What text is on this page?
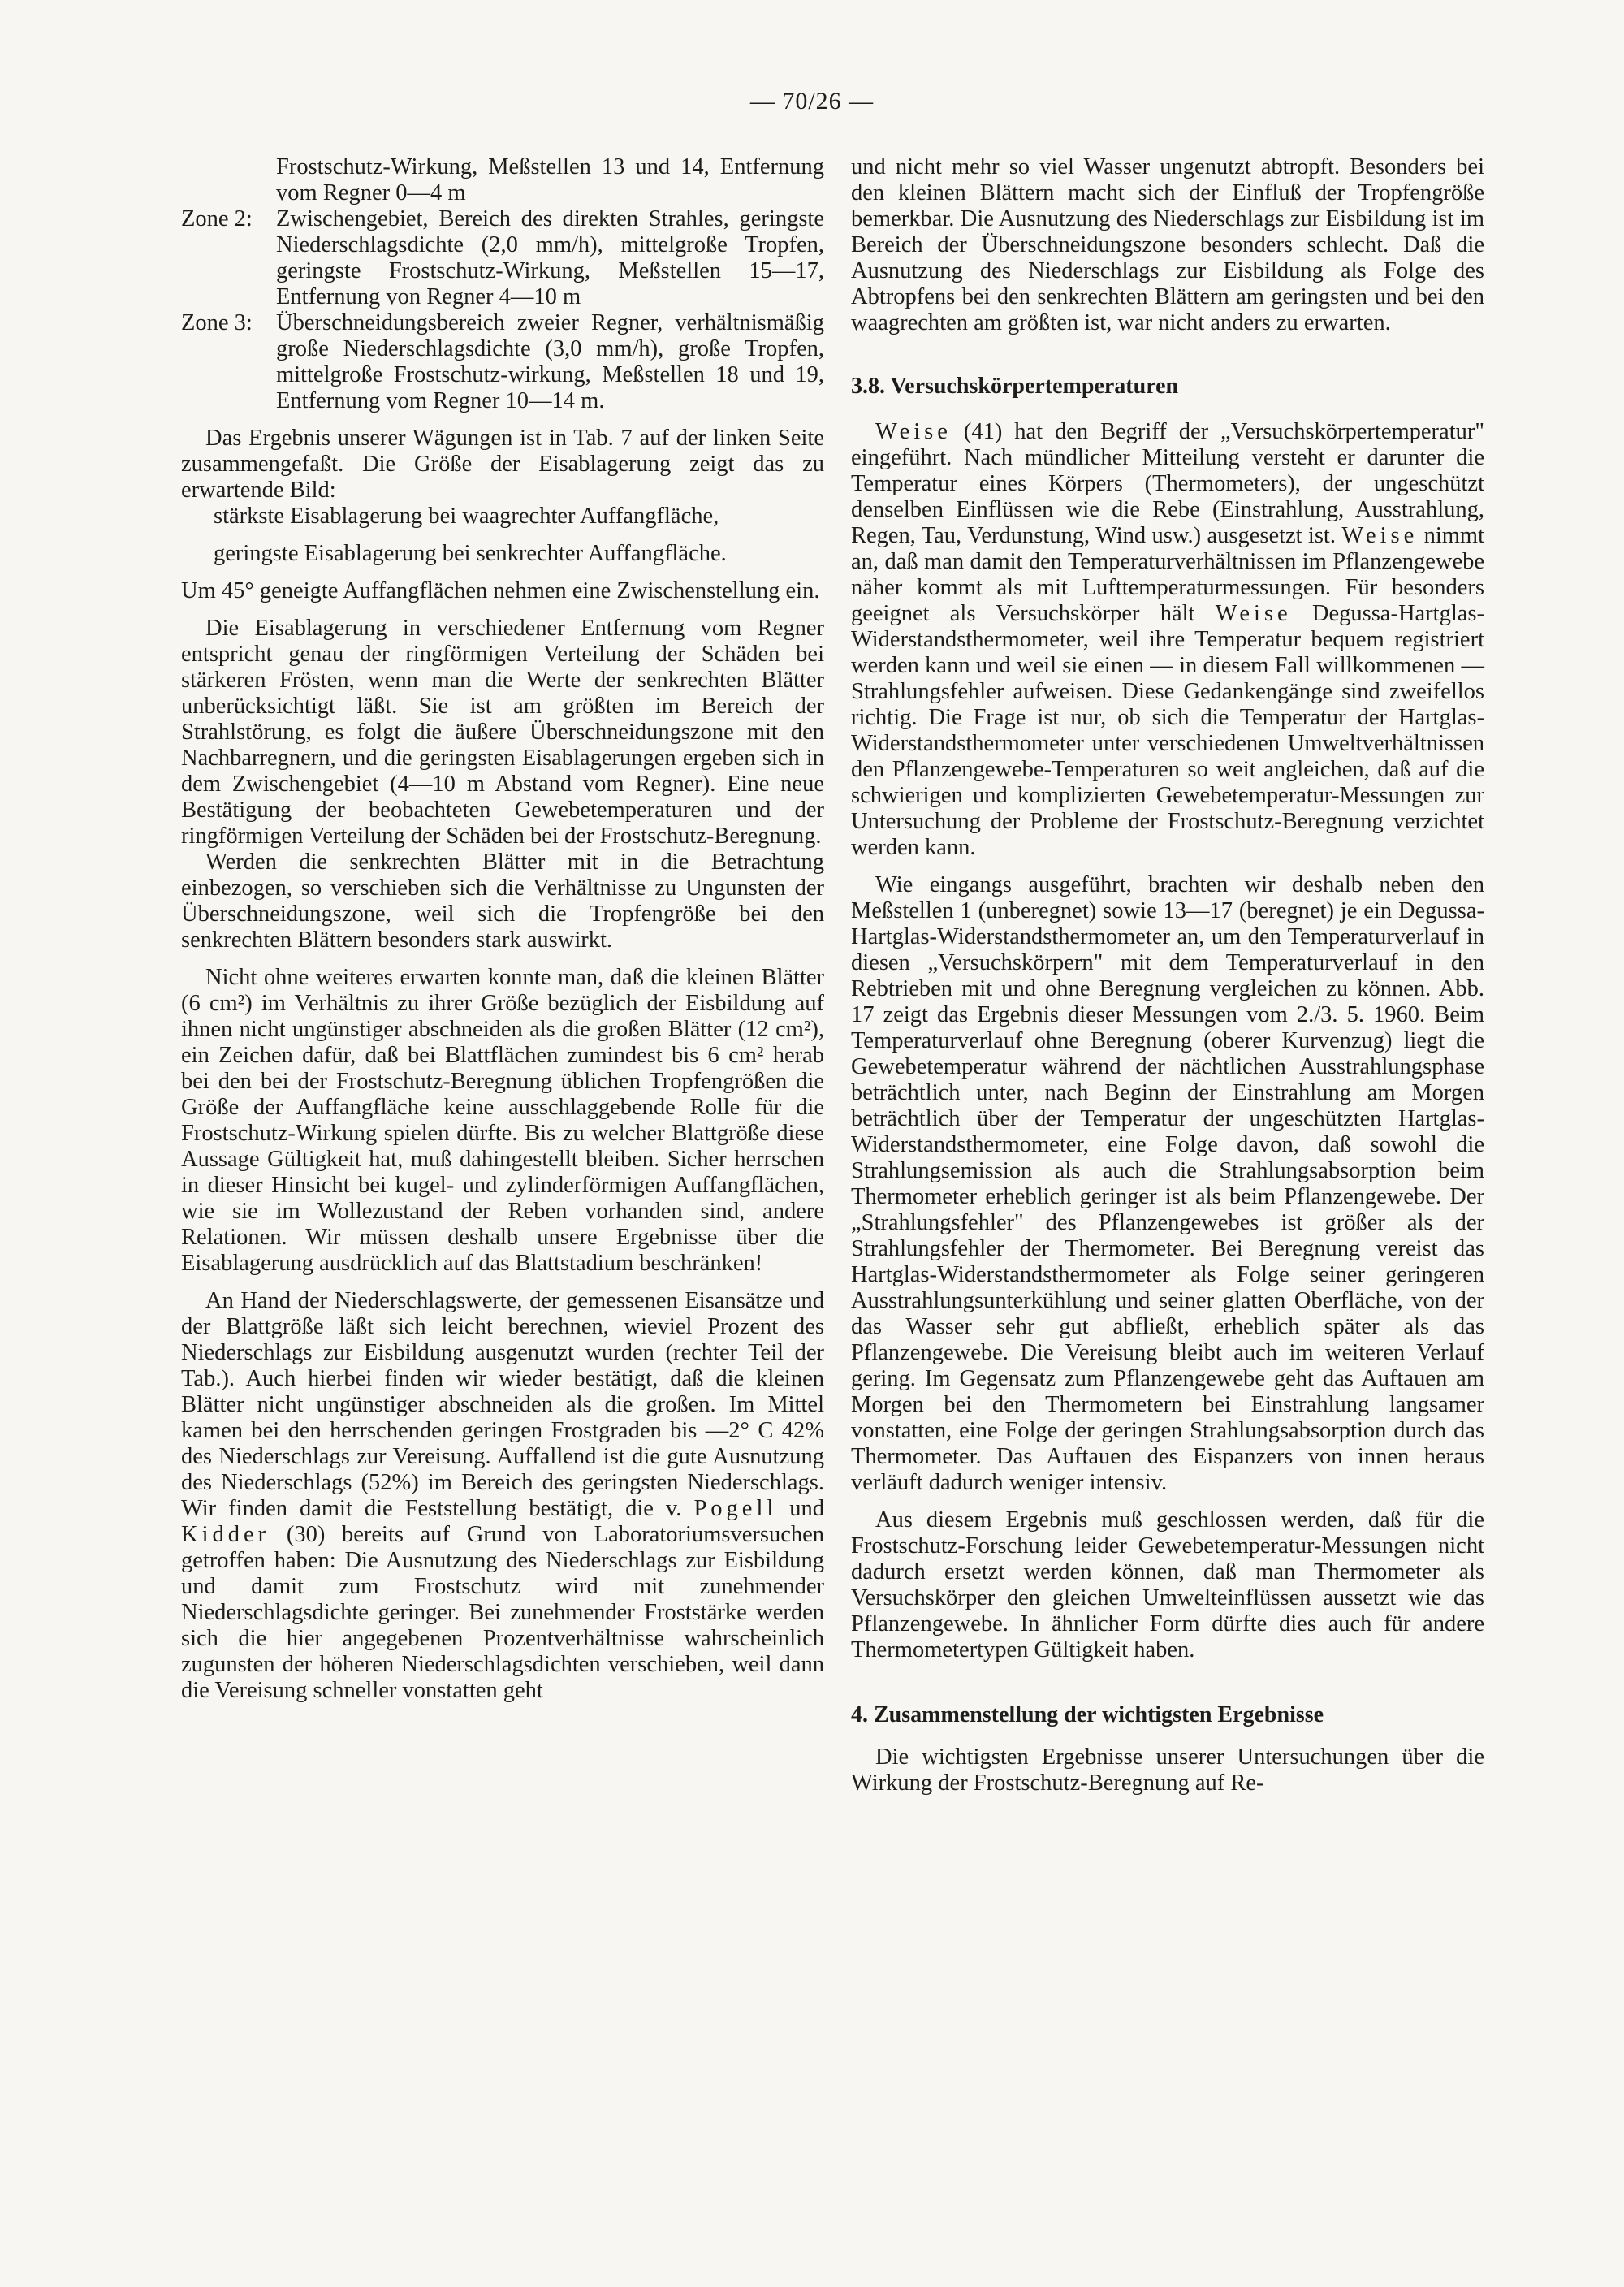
— 70/26 —

Frostschutz-Wirkung, Meßstellen 13 und 14, Entfernung vom Regner 0—4 m

Zone 2:	Zwischengebiet, Bereich des direkten Strahles, geringste Niederschlagsdichte (2,0 mm/h), mittelgroße Tropfen, geringste Frostschutz-Wirkung, Meßstellen 15—17, Entfernung von Regner 4—10 m
Zone 3:	Überschneidungsbereich zweier Regner, verhältnismäßig große Niederschlagsdichte (3,0 mm/h), große Tropfen, mittelgroße Frostschutz-wirkung, Meßstellen 18 und 19, Entfernung vom Regner 10—14 m.

Das Ergebnis unserer Wägungen ist in Tab. 7 auf der linken Seite zusammengefaßt. Die Größe der Eisablagerung zeigt das zu erwartende Bild:

stärkste Eisablagerung bei waagrechter Auffangfläche,

geringste Eisablagerung bei senkrechter Auffangfläche.

Um 45° geneigte Auffangflächen nehmen eine Zwischenstellung ein.

Die Eisablagerung in verschiedener Entfernung vom Regner entspricht genau der ringförmigen Verteilung der Schäden bei stärkeren Frösten, wenn man die Werte der senkrechten Blätter unberücksichtigt läßt. Sie ist am größten im Bereich der Strahlstörung, es folgt die äußere Überschneidungszone mit den Nachbarregnern, und die geringsten Eisablagerungen ergeben sich in dem Zwischengebiet (4—10 m Abstand vom Regner). Eine neue Bestätigung der beobachteten Gewebetemperaturen und der ringförmigen Verteilung der Schäden bei der Frostschutz-Beregnung.

Werden die senkrechten Blätter mit in die Betrachtung einbezogen, so verschieben sich die Verhältnisse zu Ungunsten der Überschneidungszone, weil sich die Tropfengröße bei den senkrechten Blättern besonders stark auswirkt.

Nicht ohne weiteres erwarten konnte man, daß die kleinen Blätter (6 cm²) im Verhältnis zu ihrer Größe bezüglich der Eisbildung auf ihnen nicht ungünstiger abschneiden als die großen Blätter (12 cm²), ein Zeichen dafür, daß bei Blattflächen zumindest bis 6 cm² herab bei den bei der Frostschutz-Beregnung üblichen Tropfengrößen die Größe der Auffangfläche keine ausschlaggebende Rolle für die Frostschutz-Wirkung spielen dürfte. Bis zu welcher Blattgröße diese Aussage Gültigkeit hat, muß dahingestellt bleiben. Sicher herrschen in dieser Hinsicht bei kugel- und zylinderförmigen Auffangflächen, wie sie im Wollezustand der Reben vorhanden sind, andere Relationen. Wir müssen deshalb unsere Ergebnisse über die Eisablagerung ausdrücklich auf das Blattstadium beschränken!

An Hand der Niederschlagswerte, der gemessenen Eisansätze und der Blattgröße läßt sich leicht berechnen, wieviel Prozent des Niederschlags zur Eisbildung ausgenutzt wurden (rechter Teil der Tab.). Auch hierbei finden wir wieder bestätigt, daß die kleinen Blätter nicht ungünstiger abschneiden als die großen. Im Mittel kamen bei den herrschenden geringen Frostgraden bis —2° C 42% des Niederschlags zur Vereisung. Auffallend ist die gute Ausnutzung des Niederschlags (52%) im Bereich des geringsten Niederschlags. Wir finden damit die Feststellung bestätigt, die v. Pogell und Kidder (30) bereits auf Grund von Laboratoriumsversuchen getroffen haben: Die Ausnutzung des Niederschlags zur Eisbildung und damit zum Frostschutz wird mit zunehmender Niederschlagsdichte geringer. Bei zunehmender Froststärke werden sich die hier angegebenen Prozentverhältnisse wahrscheinlich zugunsten der höheren Niederschlagsdichten verschieben, weil dann die Vereisung schneller vonstatten geht

und nicht mehr so viel Wasser ungenutzt abtropft. Besonders bei den kleinen Blättern macht sich der Einfluß der Tropfengröße bemerkbar. Die Ausnutzung des Niederschlags zur Eisbildung ist im Bereich der Überschneidungszone besonders schlecht. Daß die Ausnutzung des Niederschlags zur Eisbildung als Folge des Abtropfens bei den senkrechten Blättern am geringsten und bei den waagrechten am größten ist, war nicht anders zu erwarten.

3.8. Versuchskörpertemperaturen

Weise (41) hat den Begriff der „Versuchskörpertemperatur" eingeführt. Nach mündlicher Mitteilung versteht er darunter die Temperatur eines Körpers (Thermometers), der ungeschützt denselben Einflüssen wie die Rebe (Einstrahlung, Ausstrahlung, Regen, Tau, Verdunstung, Wind usw.) ausgesetzt ist. Weise nimmt an, daß man damit den Temperaturverhältnissen im Pflanzengewebe näher kommt als mit Lufttemperaturmessungen. Für besonders geeignet als Versuchskörper hält Weise Degussa-Hartglas-Widerstandsthermometer, weil ihre Temperatur bequem registriert werden kann und weil sie einen — in diesem Fall willkommenen — Strahlungsfehler aufweisen. Diese Gedankengänge sind zweifellos richtig. Die Frage ist nur, ob sich die Temperatur der Hartglas-Widerstandsthermometer unter verschiedenen Umweltverhältnissen den Pflanzengewebe-Temperaturen so weit angleichen, daß auf die schwierigen und komplizierten Gewebetemperatur-Messungen zur Untersuchung der Probleme der Frostschutz-Beregnung verzichtet werden kann.

Wie eingangs ausgeführt, brachten wir deshalb neben den Meßstellen 1 (unberegnet) sowie 13—17 (beregnet) je ein Degussa-Hartglas-Widerstandsthermometer an, um den Temperaturverlauf in diesen „Versuchskörpern" mit dem Temperaturverlauf in den Rebtrieben mit und ohne Beregnung vergleichen zu können. Abb. 17 zeigt das Ergebnis dieser Messungen vom 2./3. 5. 1960. Beim Temperaturverlauf ohne Beregnung (oberer Kurvenzug) liegt die Gewebetemperatur während der nächtlichen Ausstrahlungsphase beträchtlich unter, nach Beginn der Einstrahlung am Morgen beträchtlich über der Temperatur der ungeschützten Hartglas-Widerstandsthermometer, eine Folge davon, daß sowohl die Strahlungsemission als auch die Strahlungsabsorption beim Thermometer erheblich geringer ist als beim Pflanzengewebe. Der „Strahlungsfehler" des Pflanzengewebes ist größer als der Strahlungsfehler der Thermometer. Bei Beregnung vereist das Hartglas-Widerstandsthermometer als Folge seiner geringeren Ausstrahlungsunterkühlung und seiner glatten Oberfläche, von der das Wasser sehr gut abfließt, erheblich später als das Pflanzengewebe. Die Vereisung bleibt auch im weiteren Verlauf gering. Im Gegensatz zum Pflanzengewebe geht das Auftauen am Morgen bei den Thermometern bei Einstrahlung langsamer vonstatten, eine Folge der geringen Strahlungsabsorption durch das Thermometer. Das Auftauen des Eispanzers von innen heraus verläuft dadurch weniger intensiv.

Aus diesem Ergebnis muß geschlossen werden, daß für die Frostschutz-Forschung leider Gewebetemperatur-Messungen nicht dadurch ersetzt werden können, daß man Thermometer als Versuchskörper den gleichen Umwelteinflüssen aussetzt wie das Pflanzengewebe. In ähnlicher Form dürfte dies auch für andere Thermometertypen Gültigkeit haben.

4. Zusammenstellung der wichtigsten Ergebnisse

Die wichtigsten Ergebnisse unserer Untersuchungen über die Wirkung der Frostschutz-Beregnung auf Re-
